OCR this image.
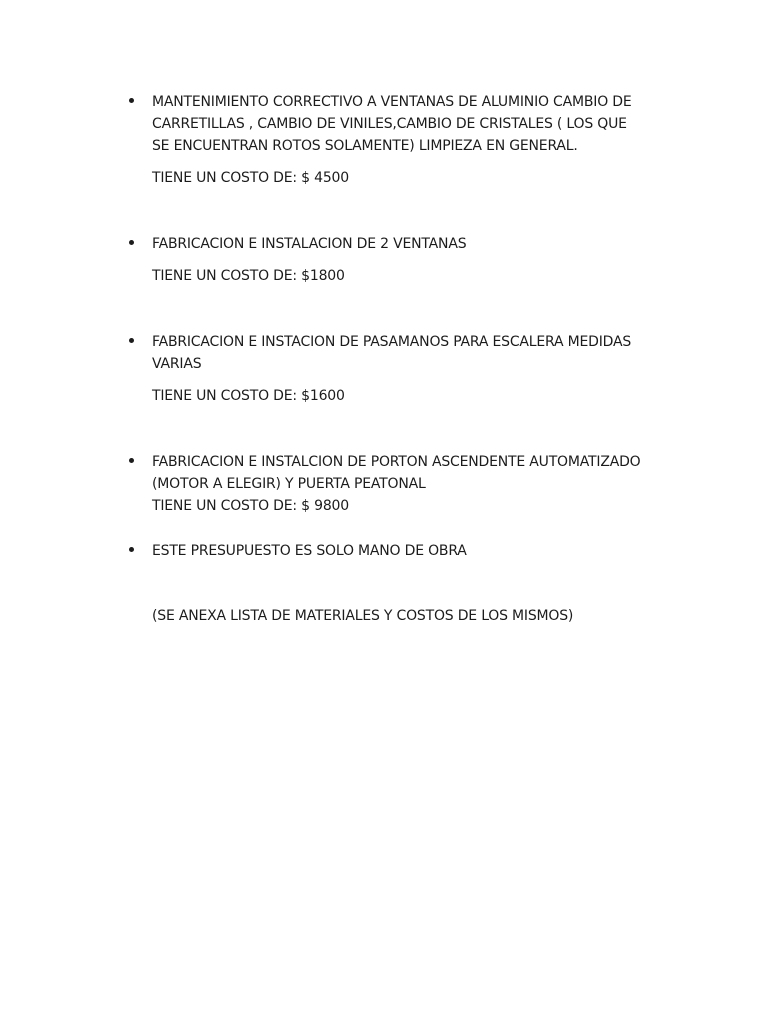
MANTENIMIENTO CORRECTIVO A VENTANAS DE ALUMINIO CAMBIO DE CARRETILLAS , CAMBIO DE VINILES,CAMBIO DE CRISTALES ( LOS QUE SE ENCUENTRAN ROTOS SOLAMENTE) LIMPIEZA EN GENERAL.
TIENE UN COSTO DE: $ 4500
FABRICACION E INSTALACION DE 2 VENTANAS
TIENE UN COSTO DE: $1800
FABRICACION E INSTACION DE PASAMANOS PARA ESCALERA MEDIDAS VARIAS
TIENE UN COSTO DE: $1600
FABRICACION E INSTALCION DE PORTON ASCENDENTE AUTOMATIZADO (MOTOR A ELEGIR) Y PUERTA PEATONAL
TIENE UN COSTO DE: $ 9800
ESTE PRESUPUESTO ES SOLO MANO DE OBRA
(SE ANEXA LISTA DE MATERIALES Y COSTOS DE LOS MISMOS)
